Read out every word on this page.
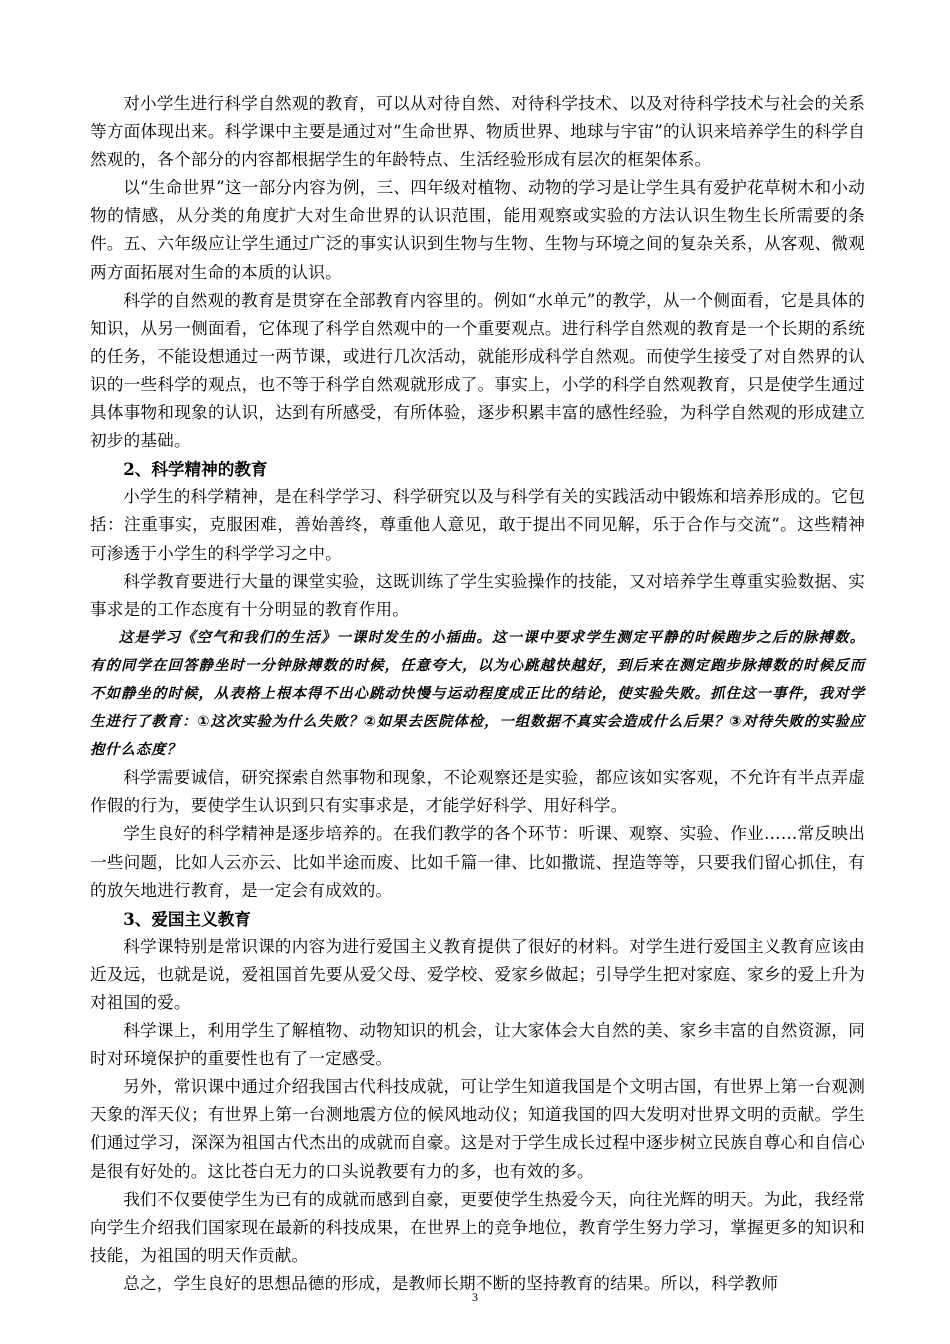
对小学生进行科学自然观的教育，可以从对待自然、对待科学技术、以及对待科学技术与社会的关系等方面体现出来。科学课中主要是通过对“生命世界、物质世界、地球与宇宙”的认识来培养学生的科学自然观的，各个部分的内容都根据学生的年龄特点、生活经验形成有层次的框架体系。

以“生命世界”这一部分内容为例，三、四年级对植物、动物的学习是让学生具有爱护花草树木和小动物的情感，从分类的角度扩大对生命世界的认识范围，能用观察或实验的方法认识生物生长所需要的条件。五、六年级应让学生通过广泛的事实认识到生物与生物、生物与环境之间的复杂关系，从客观、微观两方面拓展对生命的本质的认识。

科学的自然观的教育是贯穿在全部教育内容里的。例如“水单元”的教学，从一个侧面看，它是具体的知识，从另一侧面看，它体现了科学自然观中的一个重要观点。进行科学自然观的教育是一个长期的系统的任务，不能设想通过一两节课，或进行几次活动，就能形成科学自然观。而使学生接受了对自然界的认识的一些科学的观点，也不等于科学自然观就形成了。事实上，小学的科学自然观教育，只是使学生通过具体事物和现象的认识，达到有所感受，有所体验，逐步积累丰富的感性经验，为科学自然观的形成建立初步的基础。

2、科学精神的教育

小学生的科学精神，是在科学学习、科学研究以及与科学有关的实践活动中锻炼和培养形成的。它包括：注重事实，克服困难，善始善终，尊重他人意见，敢于提出不同见解，乐于合作与交流“。这些精神可渗透于小学生的科学学习之中。

科学教育要进行大量的课堂实验，这既训练了学生实验操作的技能，又对培养学生尊重实验数据、实事求是的工作态度有十分明显的教育作用。

这是学习《空气和我们的生活》一课时发生的小插曲。这一课中要求学生测定平静的时候跑步之后的脉搏数。有的同学在回答静坐时一分钟脉搏数的时候，任意夸大，以为心跳越快越好，到后来在测定跑步脉搏数的时候反而不如静坐的时候，从表格上根本得不出心跳动快慢与运动程度成正比的结论，使实验失败。抓住这一事件，我对学生进行了教育：①这次实验为什么失败？②如果去医院体检，一组数据不真实会造成什么后果？③对待失败的实验应抱什么态度？

科学需要诚信，研究探索自然事物和现象，不论观察还是实验，都应该如实客观，不允许有半点弄虚作假的行为，要使学生认识到只有实事求是，才能学好科学、用好科学。

学生良好的科学精神是逐步培养的。在我们教学的各个环节：听课、观察、实验、作业……常反映出一些问题，比如人云亦云、比如半途而废、比如千篇一律、比如撒谎、捏造等等，只要我们留心抓住，有的放矢地进行教育，是一定会有成效的。

3、爱国主义教育

科学课特别是常识课的内容为进行爱国主义教育提供了很好的材料。对学生进行爱国主义教育应该由近及远，也就是说，爱祖国首先要从爱父母、爱学校、爱家乡做起；引导学生把对家庭、家乡的爱上升为对祖国的爱。

科学课上，利用学生了解植物、动物知识的机会，让大家体会大自然的美、家乡丰富的自然资源，同时对环境保护的重要性也有了一定感受。

另外，常识课中通过介绍我国古代科技成就，可让学生知道我国是个文明古国，有世界上第一台观测天象的浑天仪；有世界上第一台测地震方位的候风地动仪；知道我国的四大发明对世界文明的贡献。学生们通过学习，深深为祖国古代杰出的成就而自豪。这是对于学生成长过程中逐步树立民族自尊心和自信心是很有好处的。这比苍白无力的口头说教要有力的多，也有效的多。

我们不仅要使学生为已有的成就而感到自豪，更要使学生热爱今天，向往光辉的明天。为此，我经常向学生介绍我们国家现在最新的科技成果，在世界上的竞争地位，教育学生努力学习，掌握更多的知识和技能，为祖国的明天作贡献。

总之，学生良好的思想品德的形成，是教师长期不断的坚持教育的结果。所以，科学教师

3
